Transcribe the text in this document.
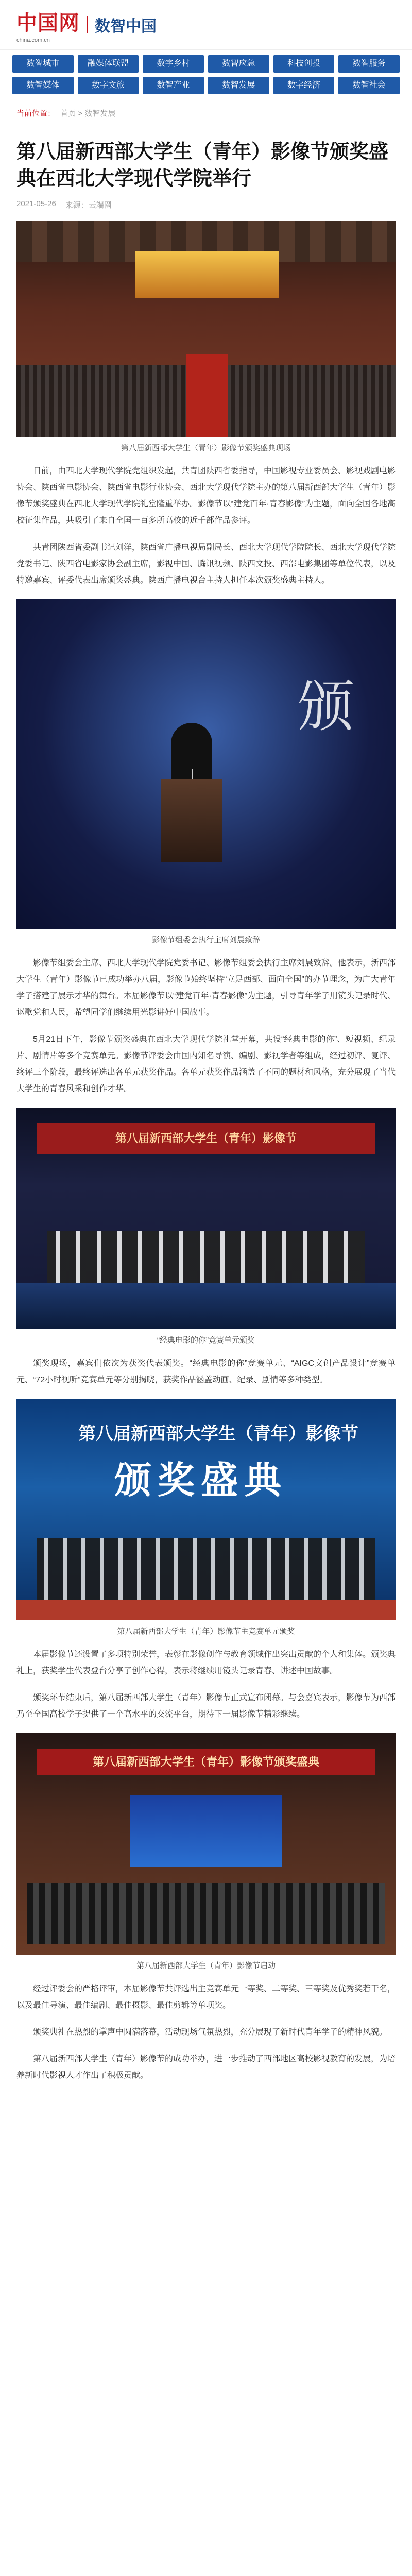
中国网
china.com.cn
数智中国
数智城市	融媒体联盟	数字乡村	数智应急	科技创投	数智服务
数智媒体	数字文旅	数智产业	数智发展	数字经济	数智社会
当前位置： 首页 > 数智发展
第八届新西部大学生（青年）影像节颁奖盛典在西北大学现代学院举行
2021-05-26 来源：云端网
第八届新西部大学生（青年）影像节颁奖盛典现场
日前，由西北大学现代学院党组织发起，共青团陕西省委指导，中国影视专业委员会、影视戏剧电影协会、陕西省电影协会、陕西省电影行业协会、西北大学现代学院主办的第八届新西部大学生（青年）影像节颁奖盛典在西北大学现代学院礼堂隆重举办。影像节以“建党百年·青春影像”为主题，面向全国各地高校征集作品，共吸引了来自全国一百多所高校的近千部作品参评。
共青团陕西省委副书记刘洋，陕西省广播电视局副局长、西北大学现代学院院长、西北大学现代学院党委书记、陕西省电影家协会副主席，影视中国、腾讯视频、陕西文投、西部电影集团等单位代表，以及特邀嘉宾、评委代表出席颁奖盛典。陕西广播电视台主持人担任本次颁奖盛典主持人。
颁
影像节组委会执行主席刘晨致辞
影像节组委会主席、西北大学现代学院党委书记、影像节组委会执行主席刘晨致辞。他表示，新西部大学生（青年）影像节已成功举办八届，影像节始终坚持“立足西部、面向全国”的办节理念，为广大青年学子搭建了展示才华的舞台。本届影像节以“建党百年·青春影像”为主题，引导青年学子用镜头记录时代、讴歌党和人民，希望同学们继续用光影讲好中国故事。
5月21日下午，影像节颁奖盛典在西北大学现代学院礼堂开幕，共设“经典电影的你”、短视频、纪录片、剧情片等多个竞赛单元。影像节评委会由国内知名导演、编剧、影视学者等组成，经过初评、复评、终评三个阶段，最终评选出各单元获奖作品。各单元获奖作品涵盖了不同的题材和风格，充分展现了当代大学生的青春风采和创作才华。
第八届新西部大学生（青年）影像节
“经典电影的你”竞赛单元颁奖
颁奖现场，嘉宾们依次为获奖代表颁奖。“经典电影的你”竞赛单元、“AIGC文创产品设计”竞赛单元、“72小时视听”竞赛单元等分别揭晓，获奖作品涵盖动画、纪录、剧情等多种类型。
第八届新西部大学生（青年）影像节
颁奖盛典
第八届新西部大学生（青年）影像节主竞赛单元颁奖
本届影像节还设置了多项特别荣誉，表彰在影像创作与教育领域作出突出贡献的个人和集体。颁奖典礼上，获奖学生代表登台分享了创作心得，表示将继续用镜头记录青春、讲述中国故事。
颁奖环节结束后，第八届新西部大学生（青年）影像节正式宣布闭幕。与会嘉宾表示，影像节为西部乃至全国高校学子提供了一个高水平的交流平台，期待下一届影像节精彩继续。
第八届新西部大学生（青年）影像节颁奖盛典
第八届新西部大学生（青年）影像节启动
经过评委会的严格评审，本届影像节共评选出主竞赛单元一等奖、二等奖、三等奖及优秀奖若干名，以及最佳导演、最佳编剧、最佳摄影、最佳剪辑等单项奖。
颁奖典礼在热烈的掌声中圆满落幕，活动现场气氛热烈，充分展现了新时代青年学子的精神风貌。
第八届新西部大学生（青年）影像节的成功举办，进一步推动了西部地区高校影视教育的发展，为培养新时代影视人才作出了积极贡献。
